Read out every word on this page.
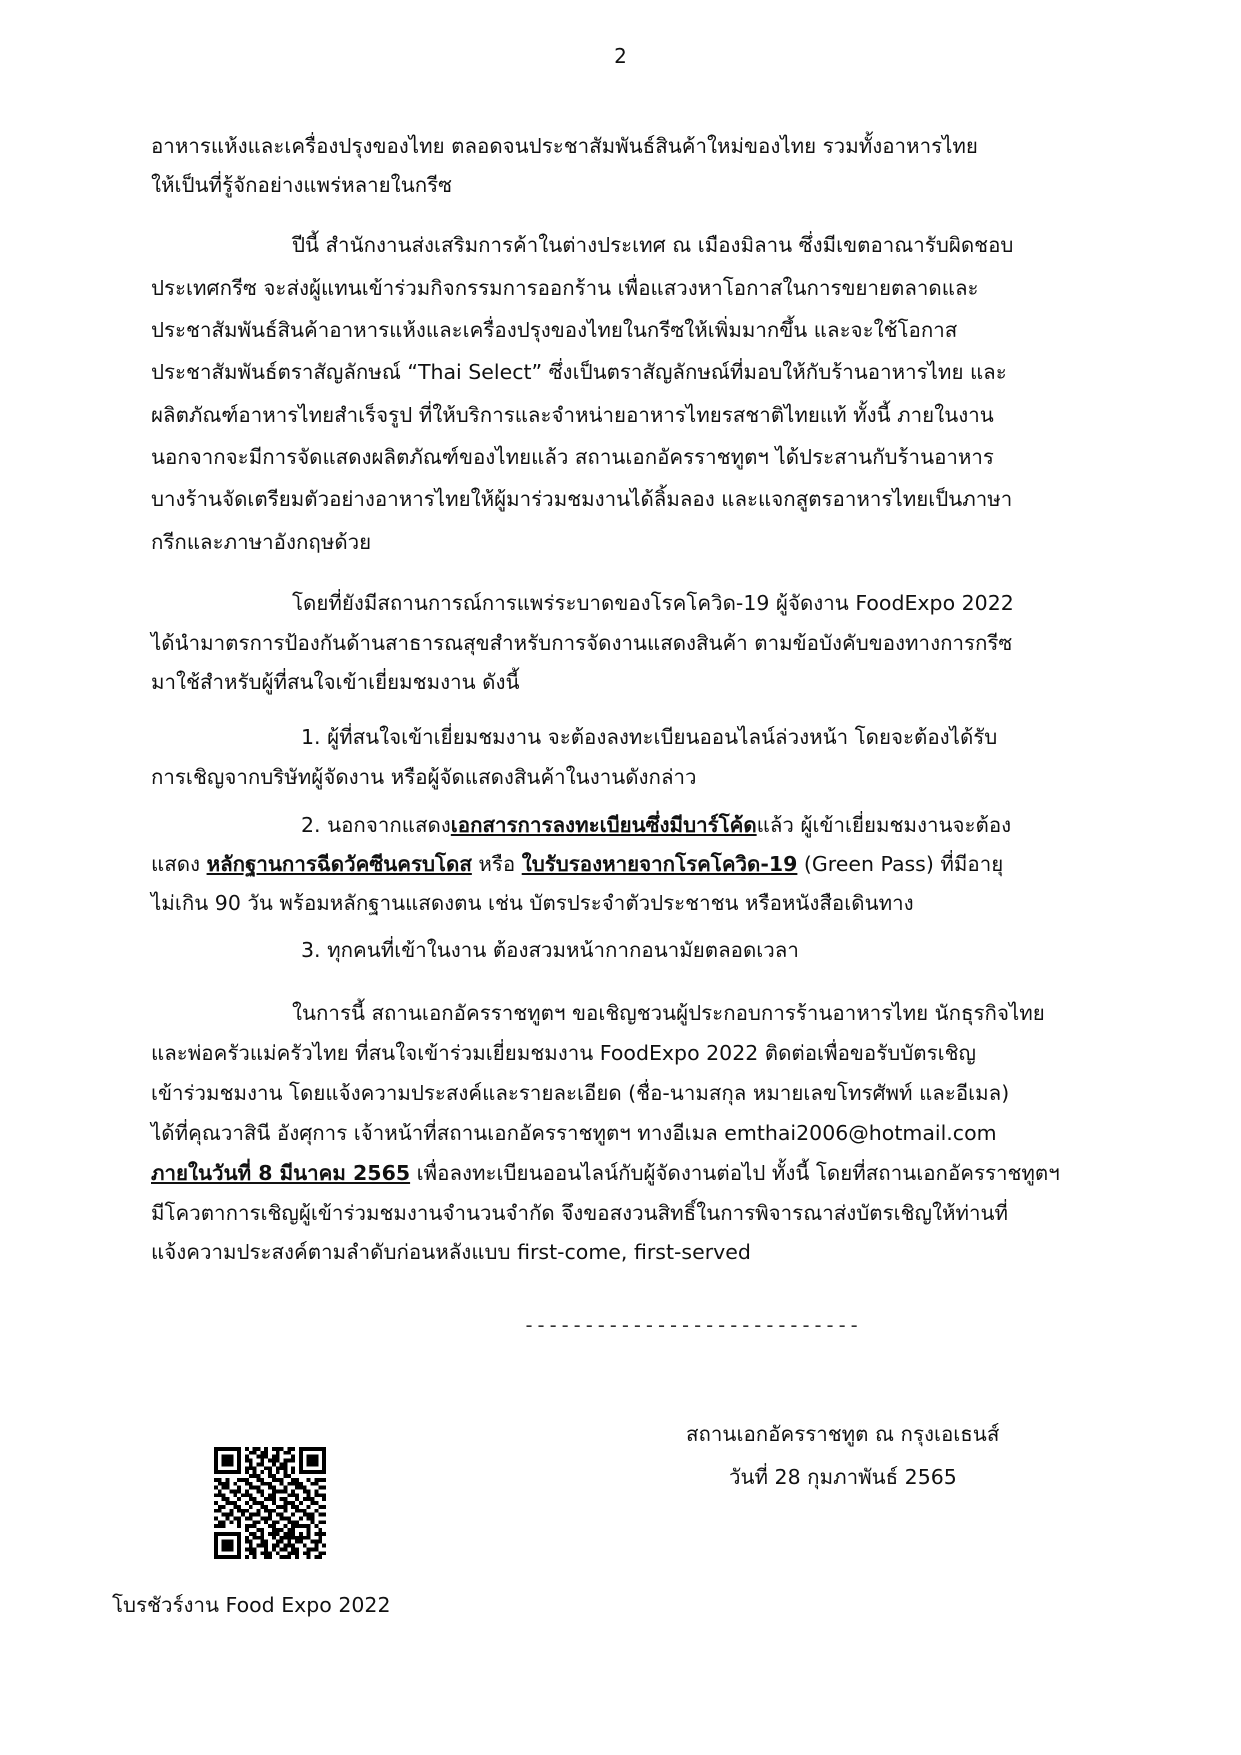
2
อาหารแห้งและเครื่องปรุงของไทย ตลอดจนประชาสัมพันธ์สินค้าใหม่ของไทย รวมทั้งอาหารไทย
ให้เป็นที่รู้จักอย่างแพร่หลายในกรีซ
ปีนี้ สำนักงานส่งเสริมการค้าในต่างประเทศ ณ เมืองมิลาน ซึ่งมีเขตอาณารับผิดชอบ
ประเทศกรีซ จะส่งผู้แทนเข้าร่วมกิจกรรมการออกร้าน เพื่อแสวงหาโอกาสในการขยายตลาดและ
ประชาสัมพันธ์สินค้าอาหารแห้งและเครื่องปรุงของไทยในกรีซให้เพิ่มมากขึ้น และจะใช้โอกาส
ประชาสัมพันธ์ตราสัญลักษณ์ “Thai Select” ซึ่งเป็นตราสัญลักษณ์ที่มอบให้กับร้านอาหารไทย และ
ผลิตภัณฑ์อาหารไทยสำเร็จรูป ที่ให้บริการและจำหน่ายอาหารไทยรสชาติไทยแท้ ทั้งนี้ ภายในงาน
นอกจากจะมีการจัดแสดงผลิตภัณฑ์ของไทยแล้ว สถานเอกอัครราชทูตฯ ได้ประสานกับร้านอาหาร
บางร้านจัดเตรียมตัวอย่างอาหารไทยให้ผู้มาร่วมชมงานได้ลิ้มลอง และแจกสูตรอาหารไทยเป็นภาษา
กรีกและภาษาอังกฤษด้วย
โดยที่ยังมีสถานการณ์การแพร่ระบาดของโรคโควิด-19 ผู้จัดงาน FoodExpo 2022
ได้นำมาตรการป้องกันด้านสาธารณสุขสำหรับการจัดงานแสดงสินค้า ตามข้อบังคับของทางการกรีซ
มาใช้สำหรับผู้ที่สนใจเข้าเยี่ยมชมงาน ดังนี้
1. ผู้ที่สนใจเข้าเยี่ยมชมงาน จะต้องลงทะเบียนออนไลน์ล่วงหน้า โดยจะต้องได้รับ
การเชิญจากบริษัทผู้จัดงาน หรือผู้จัดแสดงสินค้าในงานดังกล่าว
2. นอกจากแสดงเอกสารการลงทะเบียนซึ่งมีบาร์โค้ดแล้ว ผู้เข้าเยี่ยมชมงานจะต้อง
แสดง หลักฐานการฉีดวัคซีนครบโดส หรือ ใบรับรองหายจากโรคโควิด-19 (Green Pass) ที่มีอายุ
ไม่เกิน 90 วัน พร้อมหลักฐานแสดงตน เช่น บัตรประจำตัวประชาชน หรือหนังสือเดินทาง
3. ทุกคนที่เข้าในงาน ต้องสวมหน้ากากอนามัยตลอดเวลา
ในการนี้ สถานเอกอัครราชทูตฯ ขอเชิญชวนผู้ประกอบการร้านอาหารไทย นักธุรกิจไทย
และพ่อครัวแม่ครัวไทย ที่สนใจเข้าร่วมเยี่ยมชมงาน FoodExpo 2022 ติดต่อเพื่อขอรับบัตรเชิญ
เข้าร่วมชมงาน โดยแจ้งความประสงค์และรายละเอียด (ชื่อ-นามสกุล หมายเลขโทรศัพท์ และอีเมล)
ได้ที่คุณวาสินี อังศุการ เจ้าหน้าที่สถานเอกอัครราชทูตฯ ทางอีเมล emthai2006@hotmail.com
ภายในวันที่ 8 มีนาคม 2565 เพื่อลงทะเบียนออนไลน์กับผู้จัดงานต่อไป ทั้งนี้ โดยที่สถานเอกอัครราชทูตฯ
มีโควตาการเชิญผู้เข้าร่วมชมงานจำนวนจำกัด จึงขอสงวนสิทธิ์ในการพิจารณาส่งบัตรเชิญให้ท่านที่
แจ้งความประสงค์ตามลำดับก่อนหลังแบบ first-come, first-served
----------------------------
สถานเอกอัครราชทูต ณ กรุงเอเธนส์
วันที่ 28 กุมภาพันธ์ 2565
โบรชัวร์งาน Food Expo 2022
